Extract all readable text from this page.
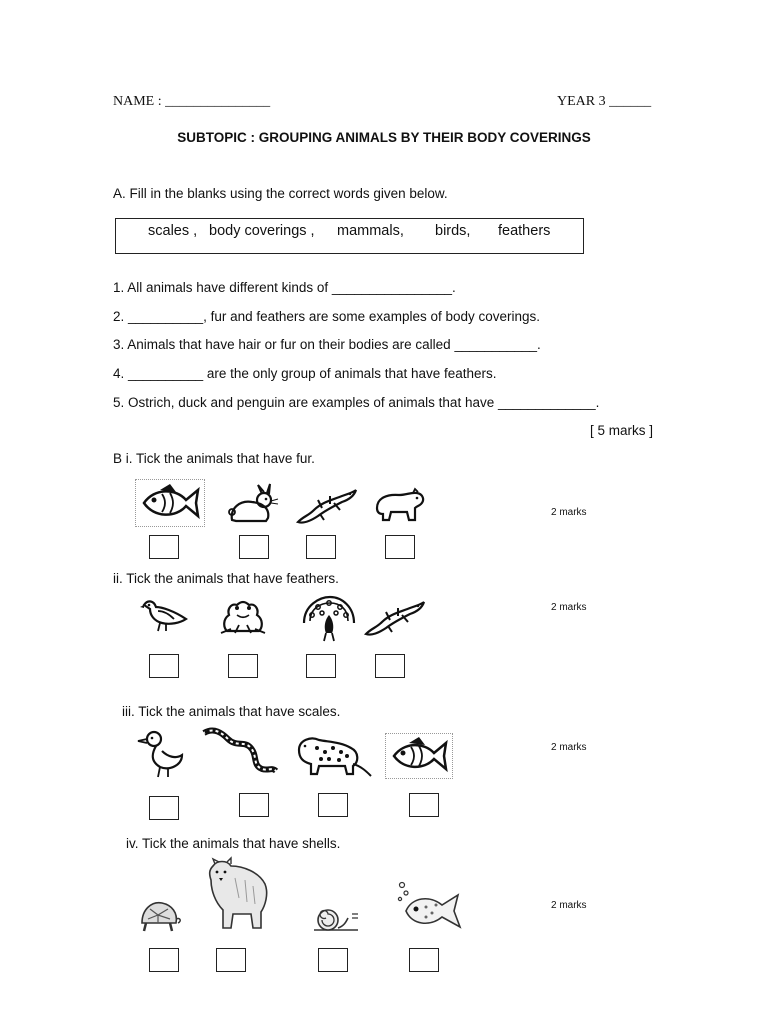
NAME : _______________	YEAR 3 ______
SUBTOPIC : GROUPING ANIMALS BY THEIR BODY COVERINGS
A. Fill in the blanks using the correct words given below.
scales , body coverings , mammals, birds, feathers
1. All animals have different kinds of ________________.
2. __________, fur and feathers are some examples of body coverings.
3. Animals that have hair or fur on their bodies are called ___________.
4. __________ are the only group of animals that have feathers.
5. Ostrich, duck and penguin are examples of animals that have _____________.
[ 5 marks ]
B i. Tick the animals that have fur.
2 marks
ii. Tick the animals that have feathers.
2 marks
iii. Tick the animals that have scales.
2 marks
iv. Tick the animals that have shells.
2 marks
